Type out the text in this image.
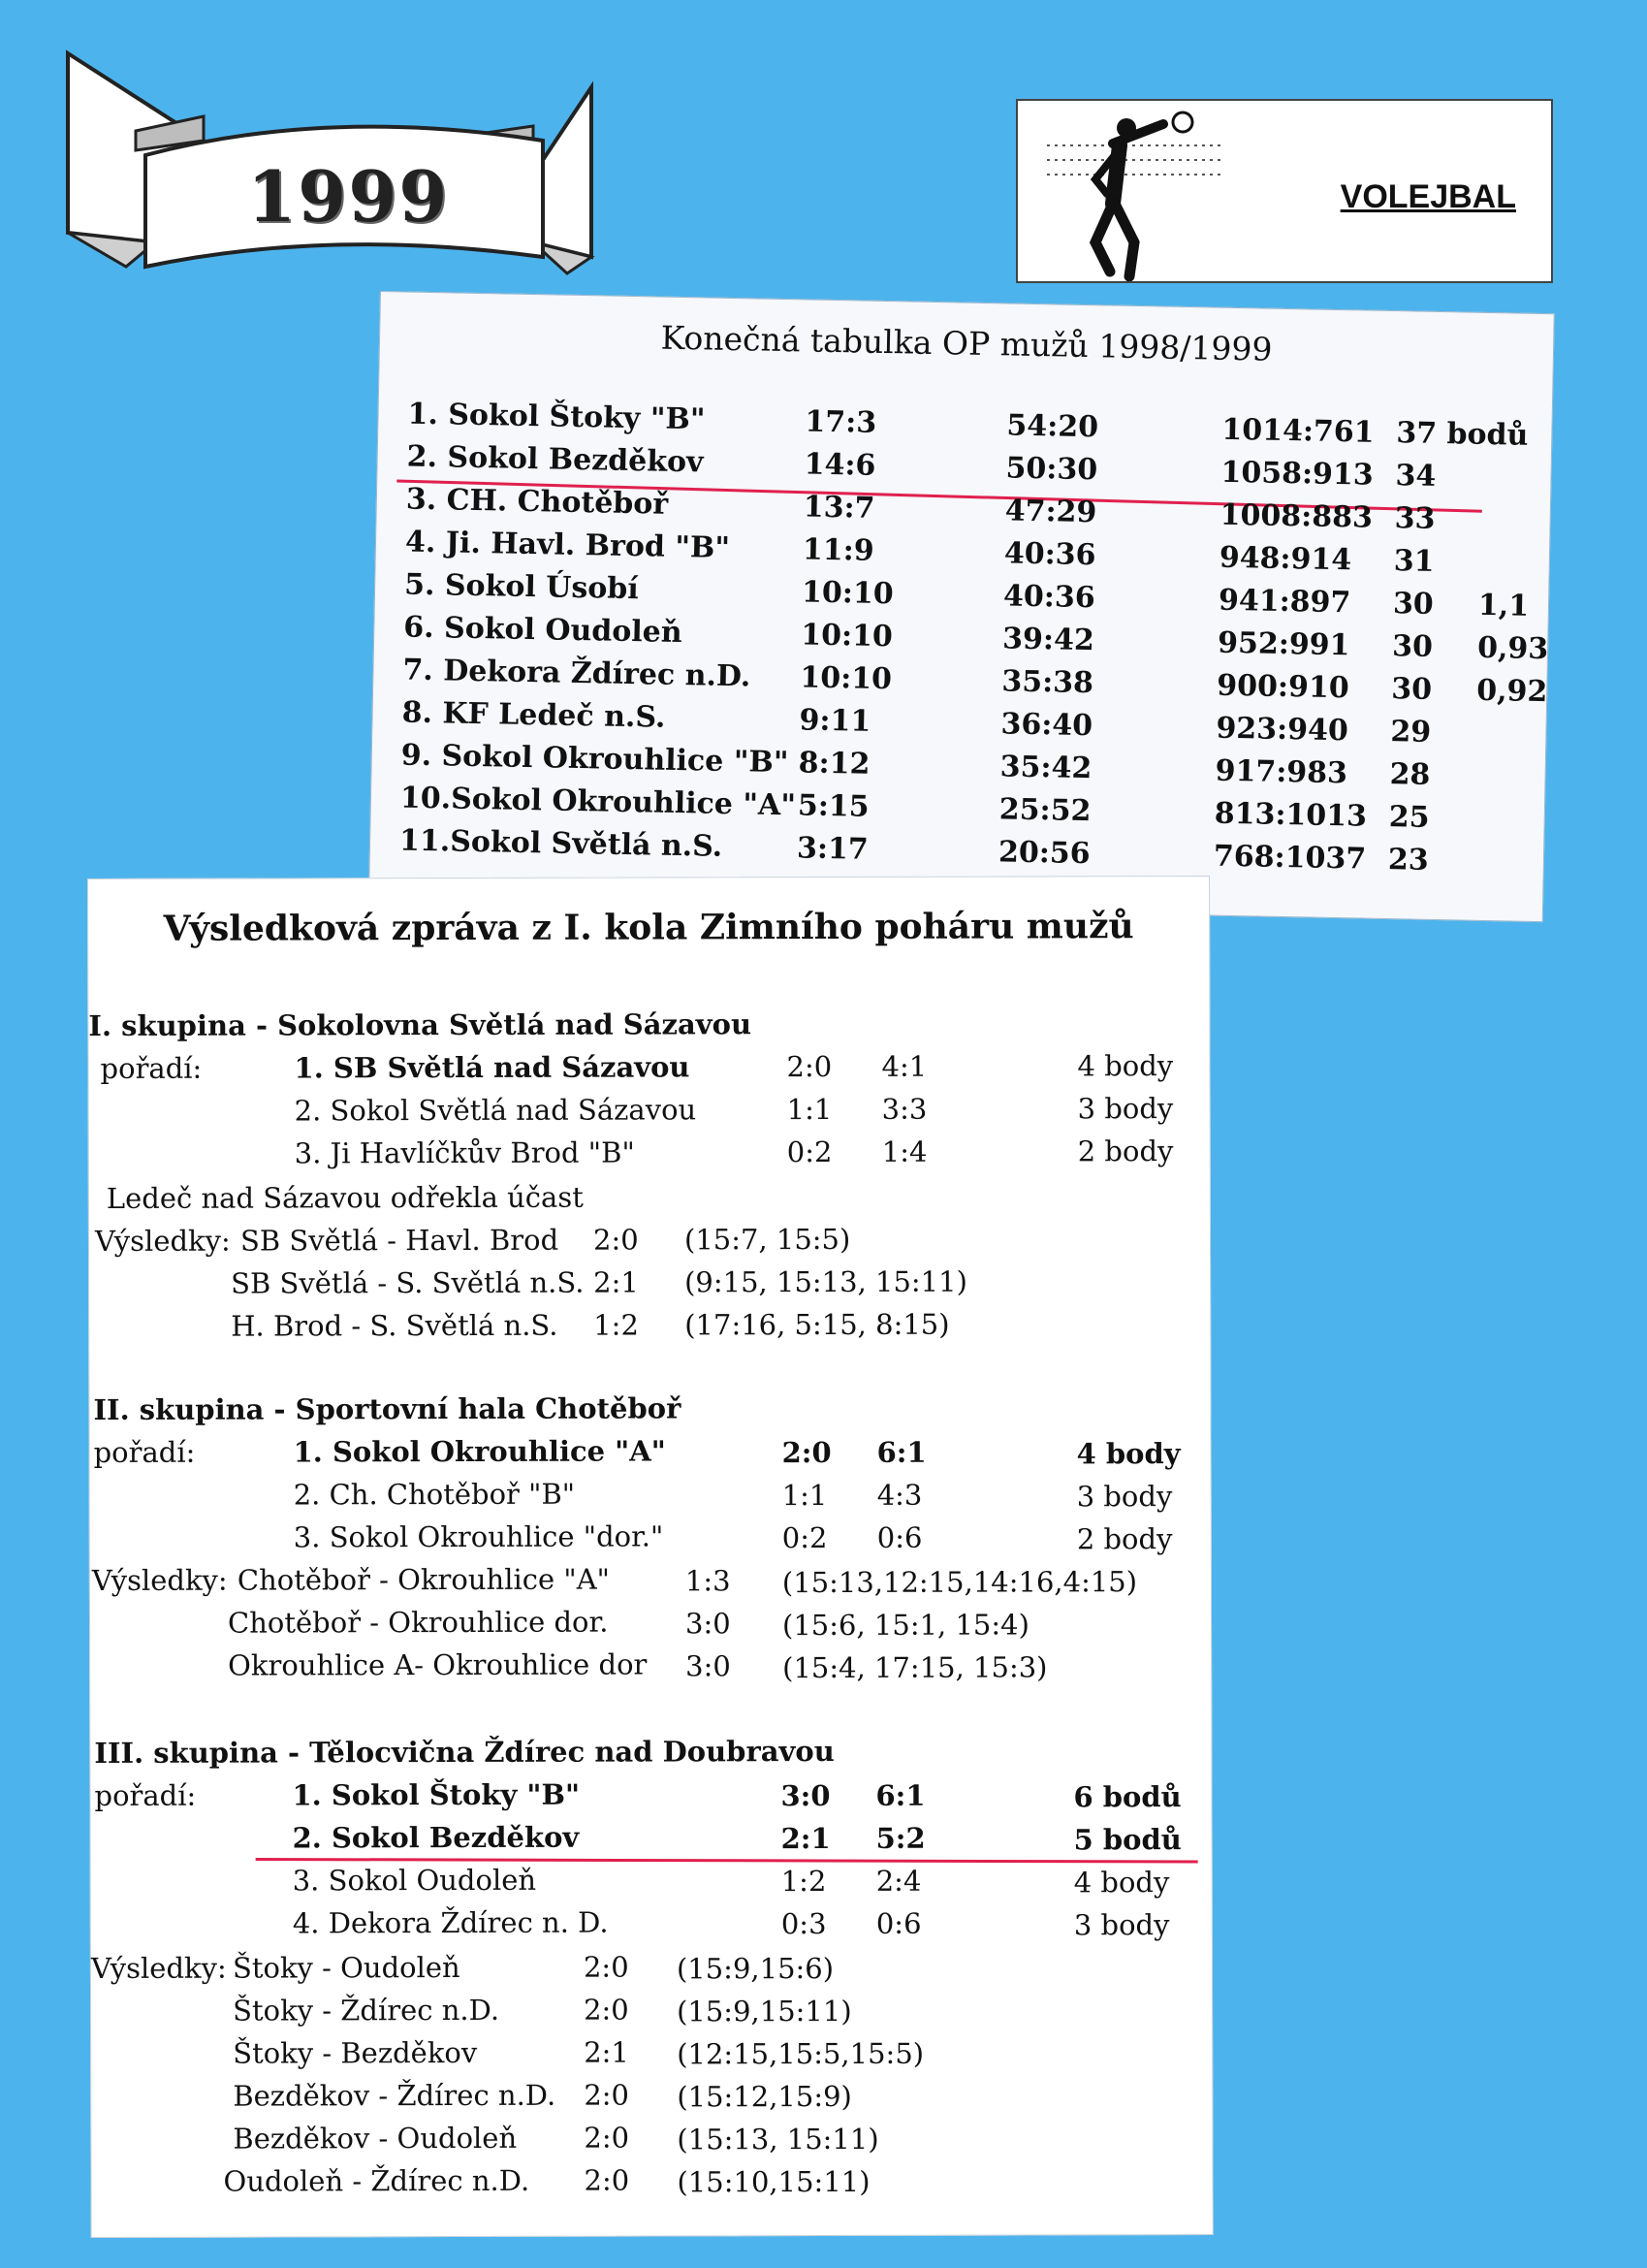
1999	VOLEJBAL
Konečná tabulka OP mužů 1998/1999
1. Sokol Štoky "B"	17:3	54:20	1014:761 37 bodů
2. Sokol Bezděkov	14:6	50:30	1058:913 34
3. CH. Chotěboř	13:7	47:29	1008:883 33
4. Ji. Havl. Brod "B" 11:9	40:36	948:914 31
5. Sokol Úsobí	10:10	40:36	941:897 30 1,1
6. Sokol Oudoleň	10:10	39:42	952:991 30 0,93
7. Dekora Ždírec n.D. 10:10	35:38	900:910 30 0,92
8. KF Ledeč n.S.	9:11	36:40	923:940 29
9. Sokol Okrouhlice "B" 8:12	35:42	917:983 28
10.Sokol Okrouhlice "A" 5:15	25:52	813:1013 25
11.Sokol Světlá n.S.	3:17	20:56	768:1037 23
Výsledková zpráva z I. kola Zimního poháru mužů
I. skupina - Sokolovna Světlá nad Sázavou
pořadí:	1. SB Světlá nad Sázavou	2:0 4:1	4 body
2. Sokol Světlá nad Sázavou	1:1 3:3	3 body
3. Ji Havlíčkův Brod "B"	0:2 1:4	2 body
Ledeč nad Sázavou odřekla účast
Výsledky: SB Světlá - Havl. Brod 2:0 (15:7, 15:5)
SB Světlá - S. Světlá n.S. 2:1 (9:15, 15:13, 15:11)
H. Brod - S. Světlá n.S. 1:2 (17:16, 5:15, 8:15)
II. skupina - Sportovní hala Chotěboř
pořadí:	1. Sokol Okrouhlice "A"	2:0 6:1	4 body
2. Ch. Chotěboř "B"	1:1 4:3	3 body
3. Sokol Okrouhlice "dor."	0:2 0:6	2 body
Výsledky: Chotěboř - Okrouhlice "A"	1:3 (15:13,12:15,14:16,4:15)
Chotěboř - Okrouhlice dor.	3:0 (15:6, 15:1, 15:4)
Okrouhlice A- Okrouhlice dor 3:0 (15:4, 17:15, 15:3)
III. skupina - Tělocvična Ždírec nad Doubravou
pořadí:	1. Sokol Štoky "B"	3:0 6:1	6 bodů
2. Sokol Bezděkov	2:1 5:2	5 bodů
3. Sokol Oudoleň	1:2 2:4	4 body
4. Dekora Ždírec n. D.	0:3 0:6	3 body
Výsledky: Štoky - Oudoleň	2:0 (15:9,15:6)
Štoky - Ždírec n.D.	2:0 (15:9,15:11)
Štoky - Bezděkov	2:1 (12:15,15:5,15:5)
Bezděkov - Ždírec n.D. 2:0 (15:12,15:9)
Bezděkov - Oudoleň 2:0 (15:13, 15:11)
Oudoleň - Ždírec n.D. 2:0 (15:10,15:11)
